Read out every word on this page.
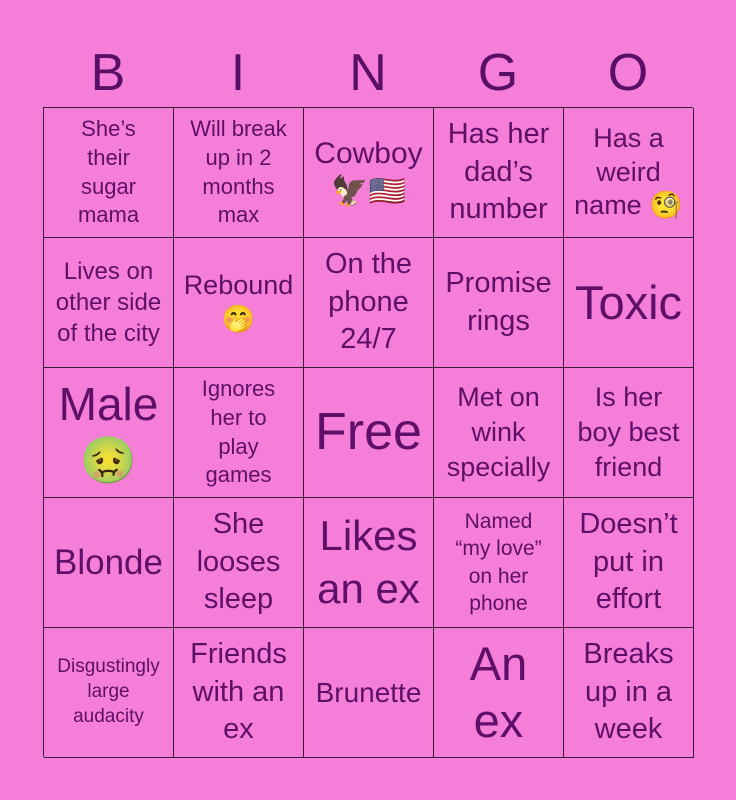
B	I	N	G	O
She’s
their
sugar
mama
Will break
up in 2
months
max
Cowboy
🦅🇺🇸
Has her
dad’s
number
Has a
weird
name 🧐
Lives on
other side
of the city
Rebound
🤭
On the
phone
24/7
Promise
rings Toxic
Male
🤢
Ignores
her to
play
games
Free
Met on
wink
specially
Is her
boy best
friend
Blonde
She
looses
sleep
Likes
an ex
Named
“my love”
on her
phone
Doesn’t
put in
effort
Disgustingly
large
audacity
Friends
with an
ex
Brunette
An
ex
Breaks
up in a
week
